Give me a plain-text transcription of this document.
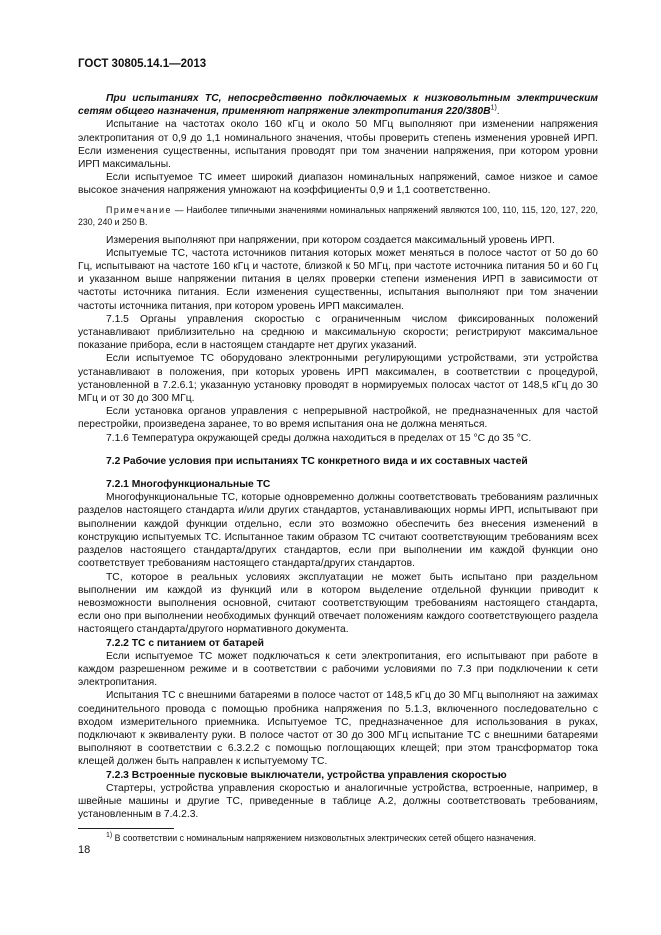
ГОСТ 30805.14.1—2013

При испытаниях ТС, непосредственно подключаемых к низковольтным электрическим сетям общего назначения, применяют напряжение электропитания $220/380В^{1)}$.

Испытание на частотах около 160 кГц и около 50 МГц выполняют при изменении напряжения электропитания от 0,9 до 1,1 номинального значения, чтобы проверить степень изменения уровней ИРП. Если изменения существенны, испытания проводят при том значении напряжения, при котором уровни ИРП максимальны.

Если испытуемое ТС имеет широкий диапазон номинальных напряжений, самое низкое и самое высокое значения напряжения умножают на коэффициенты 0,9 и 1,1 соответственно.

Примечание — Наиболее типичными значениями номинальных напряжений являются 100, 110, 115, 120, 127, 220, 230, 240 и 250 В.

Измерения выполняют при напряжении, при котором создается максимальный уровень ИРП.

Испытуемые ТС, частота источников питания которых может меняться в полосе частот от 50 до 60 Гц, испытывают на частоте 160 кГц и частоте, близкой к 50 МГц, при частоте источника питания 50 и 60 Гц и указанном выше напряжении питания в целях проверки степени изменения ИРП в зависимости от частоты источника питания. Если изменения существенны, испытания выполняют при том значении частоты источника питания, при котором уровень ИРП максимален.

7.1.5 Органы управления скоростью с ограниченным числом фиксированных положений устанавливают приблизительно на среднюю и максимальную скорости; регистрируют максимальное показание прибора, если в настоящем стандарте нет других указаний.

Если испытуемое ТС оборудовано электронными регулирующими устройствами, эти устройства устанавливают в положения, при которых уровень ИРП максимален, в соответствии с процедурой, установленной в 7.2.6.1; указанную установку проводят в нормируемых полосах частот от 148,5 кГц до 30 МГц и от 30 до 300 МГц.

Если установка органов управления с непрерывной настройкой, не предназначенных для частой перестройки, произведена заранее, то во время испытания она не должна меняться.

7.1.6 Температура окружающей среды должна находиться в пределах от 15 °С до 35 °С.

7.2 Рабочие условия при испытаниях ТС конкретного вида и их составных частей

7.2.1 Многофункциональные ТС

Многофункциональные ТС, которые одновременно должны соответствовать требованиям различных разделов настоящего стандарта и/или других стандартов, устанавливающих нормы ИРП, испытывают при выполнении каждой функции отдельно, если это возможно обеспечить без внесения изменений в конструкцию испытуемых ТС. Испытанное таким образом ТС считают соответствующим требованиям всех разделов настоящего стандарта/других стандартов, если при выполнении им каждой функции оно соответствует требованиям настоящего стандарта/других стандартов.

ТС, которое в реальных условиях эксплуатации не может быть испытано при раздельном выполнении им каждой из функций или в котором выделение отдельной функции приводит к невозможности выполнения основной, считают соответствующим требованиям настоящего стандарта, если оно при выполнении необходимых функций отвечает положениям каждого соответствующего раздела настоящего стандарта/другого нормативного документа.

7.2.2 ТС с питанием от батарей

Если испытуемое ТС может подключаться к сети электропитания, его испытывают при работе в каждом разрешенном режиме и в соответствии с рабочими условиями по 7.3 при подключении к сети электропитания.

Испытания ТС с внешними батареями в полосе частот от 148,5 кГц до 30 МГц выполняют на зажимах соединительного провода с помощью пробника напряжения по 5.1.3, включенного последовательно с входом измерительного приемника. Испытуемое ТС, предназначенное для использования в руках, подключают к эквиваленту руки. В полосе частот от 30 до 300 МГц испытание ТС с внешними батареями выполняют в соответствии с 6.3.2.2 с помощью поглощающих клещей; при этом трансформатор тока клещей должен быть направлен к испытуемому ТС.

7.2.3 Встроенные пусковые выключатели, устройства управления скоростью

Стартеры, устройства управления скоростью и аналогичные устройства, встроенные, например, в швейные машины и другие ТС, приведенные в таблице А.2, должны соответствовать требованиям, установленным в 7.4.2.3.

$^{1)}$ В соответствии с номинальным напряжением низковольтных электрических сетей общего назначения.
18
